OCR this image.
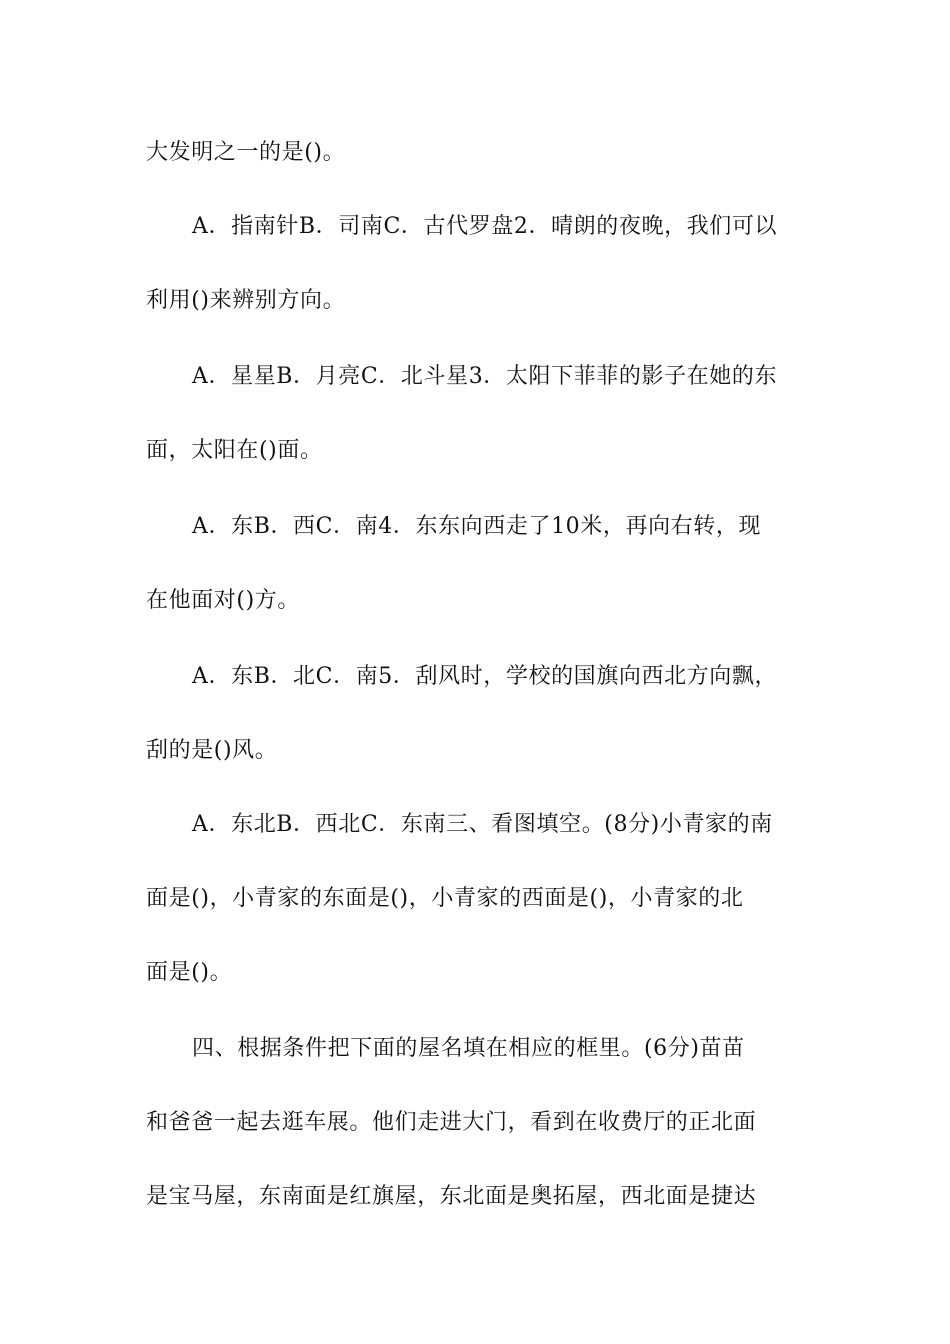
大发明之一的是()。
A．指南针B．司南C．古代罗盘2．晴朗的夜晚，我们可以
利用()来辨别方向。
A．星星B．月亮C．北斗星3．太阳下菲菲的影子在她的东
面，太阳在()面。
A．东B．西C．南4．东东向西走了10米，再向右转，现
在他面对()方。
A．东B．北C．南5．刮风时，学校的国旗向西北方向飘，
刮的是()风。
A．东北B．西北C．东南三、看图填空。(8分)小青家的南
面是()，小青家的东面是()，小青家的西面是()，小青家的北
面是()。
四、根据条件把下面的屋名填在相应的框里。(6分)苗苗
和爸爸一起去逛车展。他们走进大门，看到在收费厅的正北面
是宝马屋，东南面是红旗屋，东北面是奥拓屋，西北面是捷达
